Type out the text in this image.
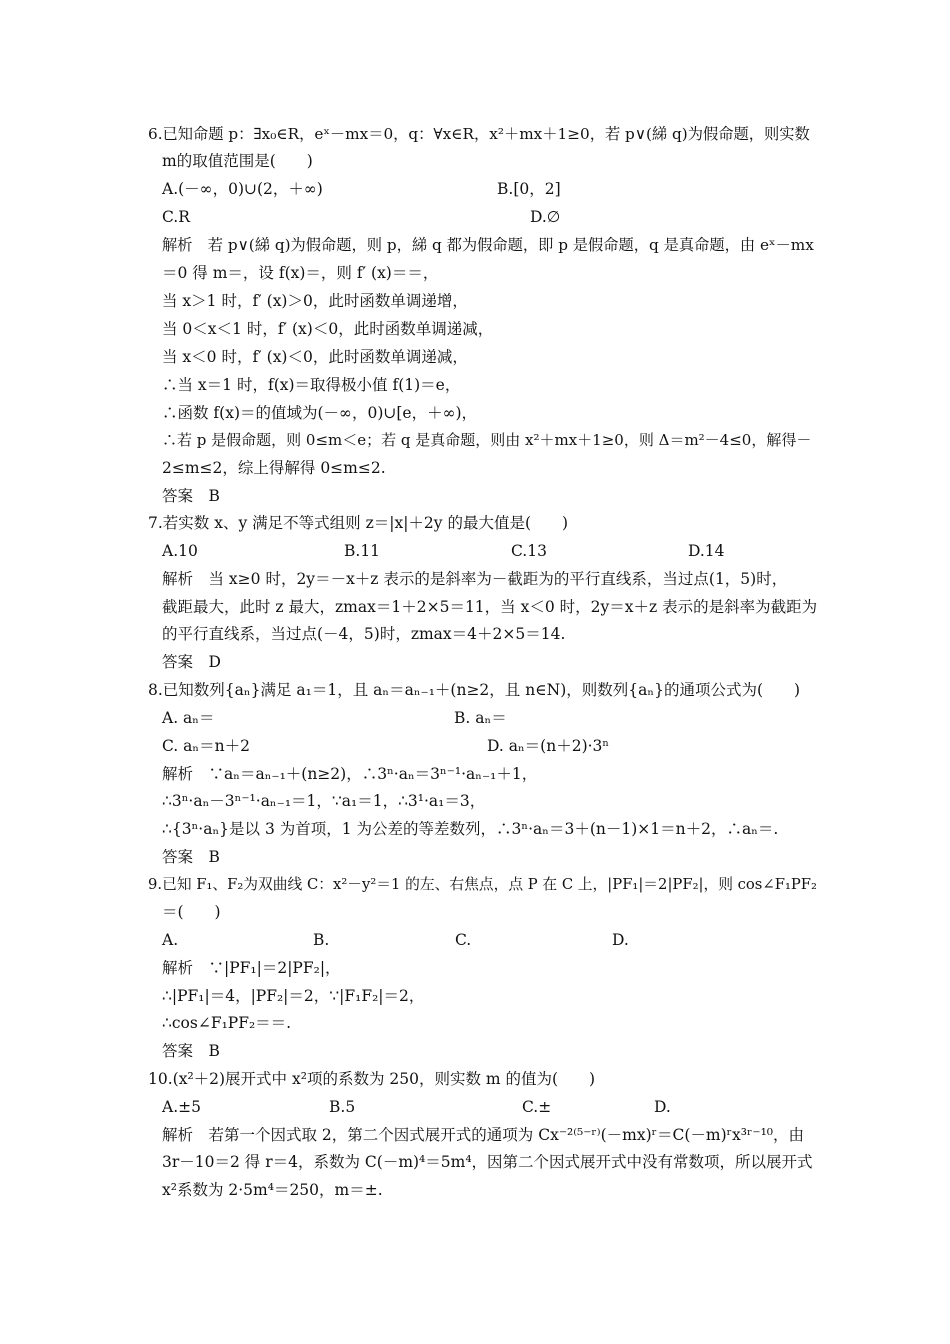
6.已知命题 p：∃x₀∈R，eˣ－mx＝0，q：∀x∈R，x²＋mx＋1≥0，若 p∨(綈 q)为假命题，则实数
m的取值范围是(　　)
A.(－∞，0)∪(2，＋∞)	B.[0，2]
C.R	D.∅
解析　若 p∨(綈 q)为假命题，则 p，綈 q 都为假命题，即 p 是假命题，q 是真命题，由 eˣ－mx
＝0 得 m＝，设 f(x)＝，则 f′ (x)＝＝，
当 x＞1 时，f′ (x)＞0，此时函数单调递增，
当 0＜x＜1 时，f′ (x)＜0，此时函数单调递减，
当 x＜0 时，f′ (x)＜0，此时函数单调递减，
∴当 x＝1 时，f(x)＝取得极小值 f(1)＝e，
∴函数 f(x)＝的值域为(－∞，0)∪[e，＋∞)，
∴若 p 是假命题，则 0≤m＜e；若 q 是真命题，则由 x²＋mx＋1≥0，则 Δ＝m²－4≤0，解得－
2≤m≤2，综上得解得 0≤m≤2.
答案　B
7.若实数 x、y 满足不等式组则 z＝|x|＋2y 的最大值是(　　)
A.10	B.11	C.13	D.14
解析　当 x≥0 时，2y＝－x＋z 表示的是斜率为－截距为的平行直线系，当过点(1，5)时，
截距最大，此时 z 最大，zmax＝1＋2×5＝11，当 x＜0 时，2y＝x＋z 表示的是斜率为截距为
的平行直线系，当过点(－4，5)时，zmax＝4＋2×5＝14.
答案　D
8.已知数列{aₙ}满足 a₁＝1，且 aₙ＝aₙ₋₁＋(n≥2，且 n∈N)，则数列{aₙ}的通项公式为(　　)
A. aₙ＝	B. aₙ＝
C. aₙ＝n＋2	D. aₙ＝(n＋2)·3ⁿ
解析　∵aₙ＝aₙ₋₁＋(n≥2)，∴3ⁿ·aₙ＝3ⁿ⁻¹·aₙ₋₁＋1，
∴3ⁿ·aₙ－3ⁿ⁻¹·aₙ₋₁＝1，∵a₁＝1，∴3¹·a₁＝3，
∴{3ⁿ·aₙ}是以 3 为首项，1 为公差的等差数列，∴3ⁿ·aₙ＝3＋(n－1)×1＝n＋2，∴aₙ＝.
答案　B
9.已知 F₁、F₂为双曲线 C：x²－y²＝1 的左、右焦点，点 P 在 C 上，|PF₁|＝2|PF₂|，则 cos∠F₁PF₂
＝(　　)
A.	B.	C.	D.
解析　∵|PF₁|＝2|PF₂|，
∴|PF₁|＝4，|PF₂|＝2，∵|F₁F₂|＝2，
∴cos∠F₁PF₂＝＝.
答案　B
10.(x²＋2)展开式中 x²项的系数为 250，则实数 m 的值为(　　)
A.±5	B.5	C.±	D.
解析　若第一个因式取 2，第二个因式展开式的通项为 Cx⁻²⁽⁵⁻ʳ⁾(－mx)ʳ＝C(－m)ʳx³ʳ⁻¹⁰，由
3r－10＝2 得 r＝4，系数为 C(－m)⁴＝5m⁴，因第二个因式展开式中没有常数项，所以展开式
x²系数为 2·5m⁴＝250，m＝±.
